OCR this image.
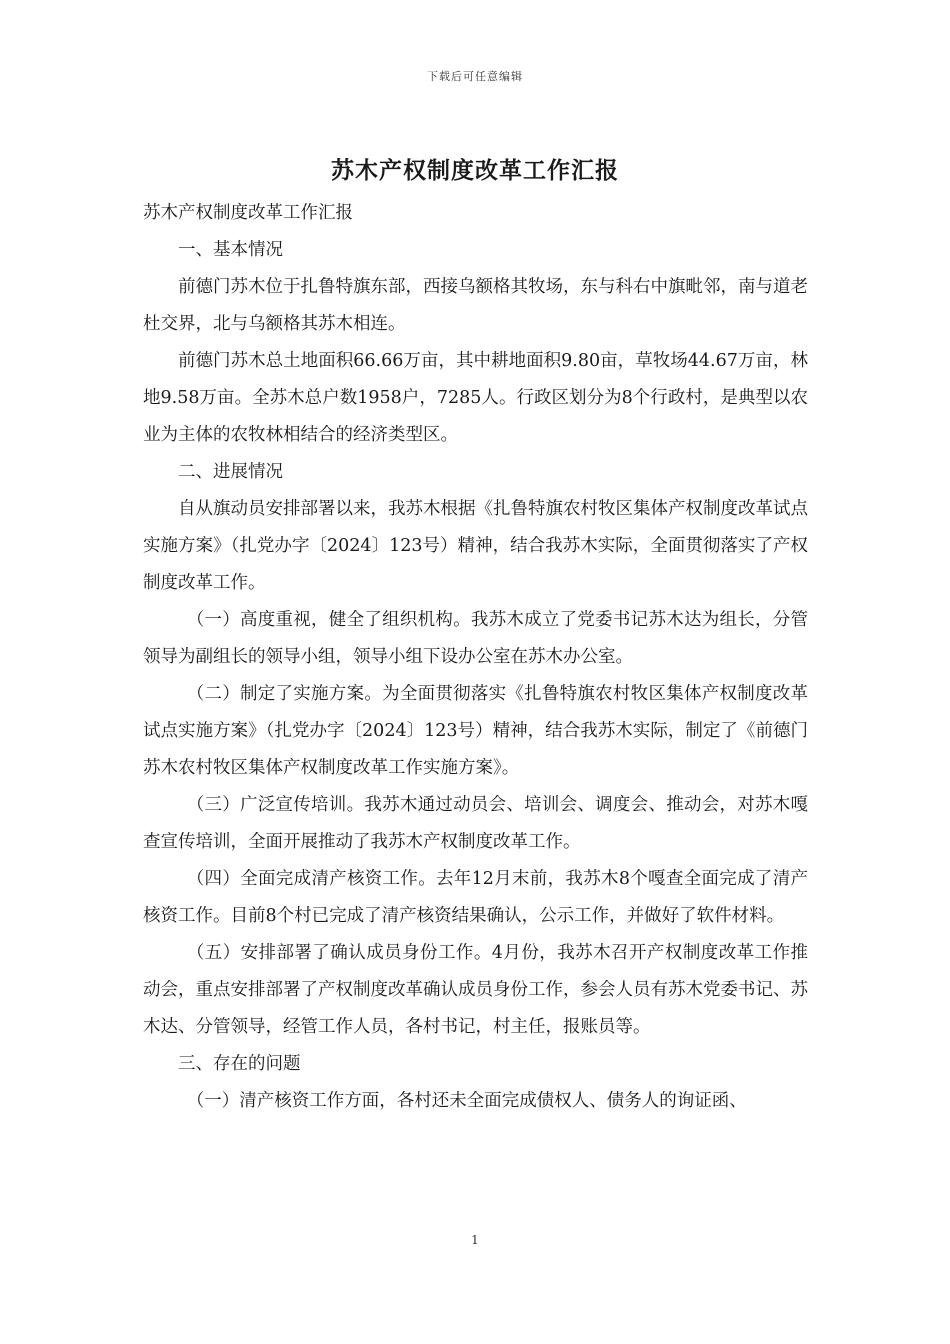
下载后可任意编辑
苏木产权制度改革工作汇报

苏木产权制度改革工作汇报

一、基本情况

前德门苏木位于扎鲁特旗东部，西接乌额格其牧场，东与科右中旗毗邻，南与道老杜交界，北与乌额格其苏木相连。

前德门苏木总土地面积66.66万亩，其中耕地面积9.80亩，草牧场44.67万亩，林地9.58万亩。全苏木总户数1958户，7285人。行政区划分为8个行政村，是典型以农业为主体的农牧林相结合的经济类型区。

二、进展情况

自从旗动员安排部署以来，我苏木根据《扎鲁特旗农村牧区集体产权制度改革试点实施方案》（扎党办字〔2024〕123号）精神，结合我苏木实际，全面贯彻落实了产权制度改革工作。

（一）高度重视，健全了组织机构。我苏木成立了党委书记苏木达为组长，分管领导为副组长的领导小组，领导小组下设办公室在苏木办公室。

（二）制定了实施方案。为全面贯彻落实《扎鲁特旗农村牧区集体产权制度改革试点实施方案》（扎党办字〔2024〕123号）精神，结合我苏木实际，制定了《前德门苏木农村牧区集体产权制度改革工作实施方案》。

（三）广泛宣传培训。我苏木通过动员会、培训会、调度会、推动会，对苏木嘎查宣传培训，全面开展推动了我苏木产权制度改革工作。

（四）全面完成清产核资工作。去年12月末前，我苏木8个嘎查全面完成了清产核资工作。目前8个村已完成了清产核资结果确认，公示工作，并做好了软件材料。

（五）安排部署了确认成员身份工作。4月份，我苏木召开产权制度改革工作推动会，重点安排部署了产权制度改革确认成员身份工作，参会人员有苏木党委书记、苏木达、分管领导，经管工作人员，各村书记，村主任，报账员等。

三、存在的问题

（一）清产核资工作方面，各村还未全面完成债权人、债务人的询证函、

1
